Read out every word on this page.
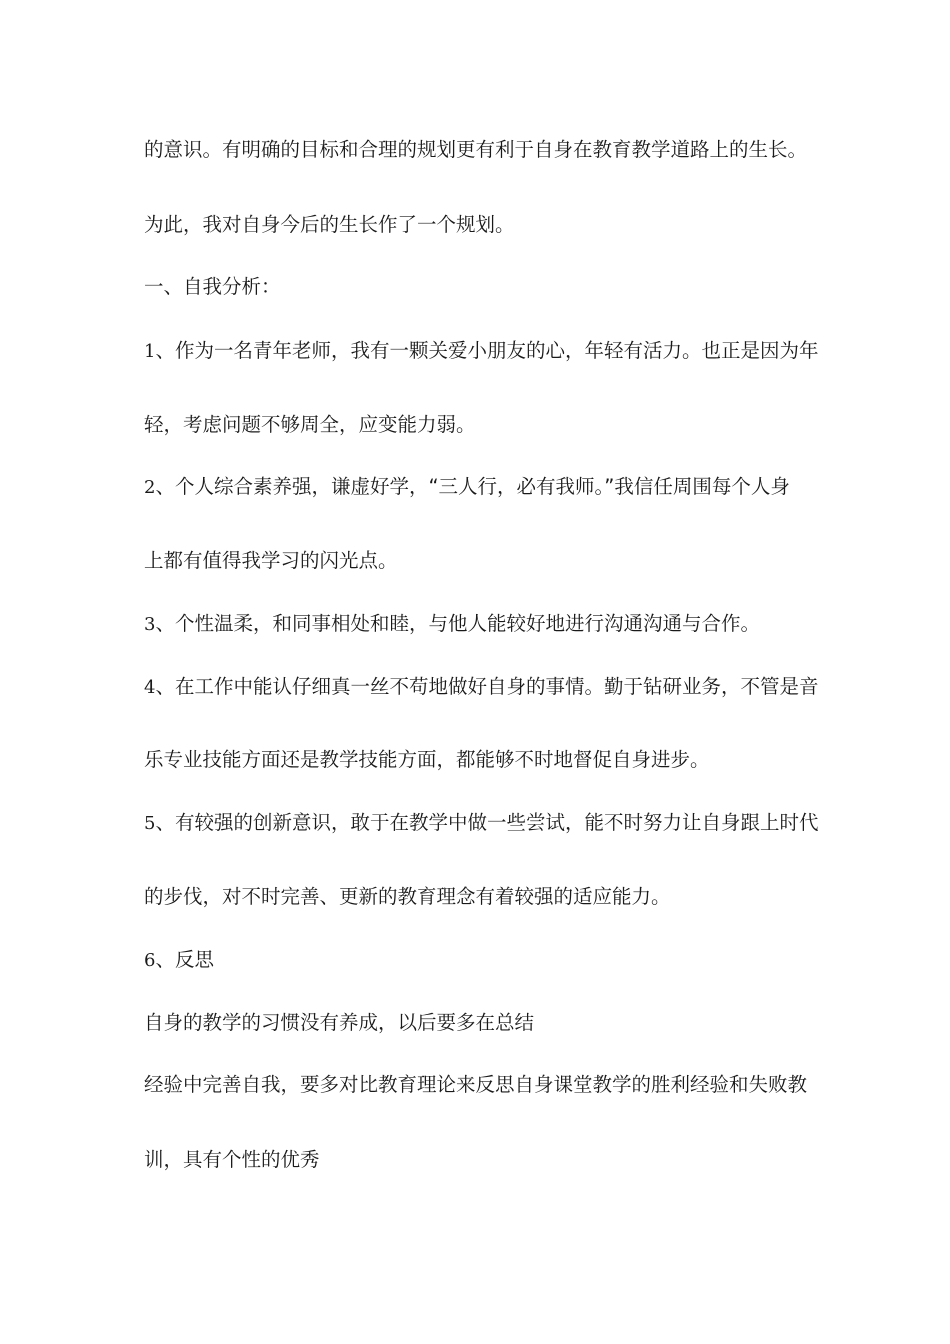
的意识。有明确的目标和合理的规划更有利于自身在教育教学道路上的生长。

为此，我对自身今后的生长作了一个规划。

一、自我分析：

1、作为一名青年老师，我有一颗关爱小朋友的心，年轻有活力。也正是因为年

轻，考虑问题不够周全，应变能力弱。

2、个人综合素养强，谦虚好学，“三人行，必有我师。”我信任周围每个人身

上都有值得我学习的闪光点。

3、个性温柔，和同事相处和睦，与他人能较好地进行沟通沟通与合作。

4、在工作中能认仔细真一丝不苟地做好自身的事情。勤于钻研业务，不管是音

乐专业技能方面还是教学技能方面，都能够不时地督促自身进步。

5、有较强的创新意识，敢于在教学中做一些尝试，能不时努力让自身跟上时代

的步伐，对不时完善、更新的教育理念有着较强的适应能力。

6、反思

自身的教学的习惯没有养成，以后要多在总结

经验中完善自我，要多对比教育理论来反思自身课堂教学的胜利经验和失败教

训，具有个性的优秀
